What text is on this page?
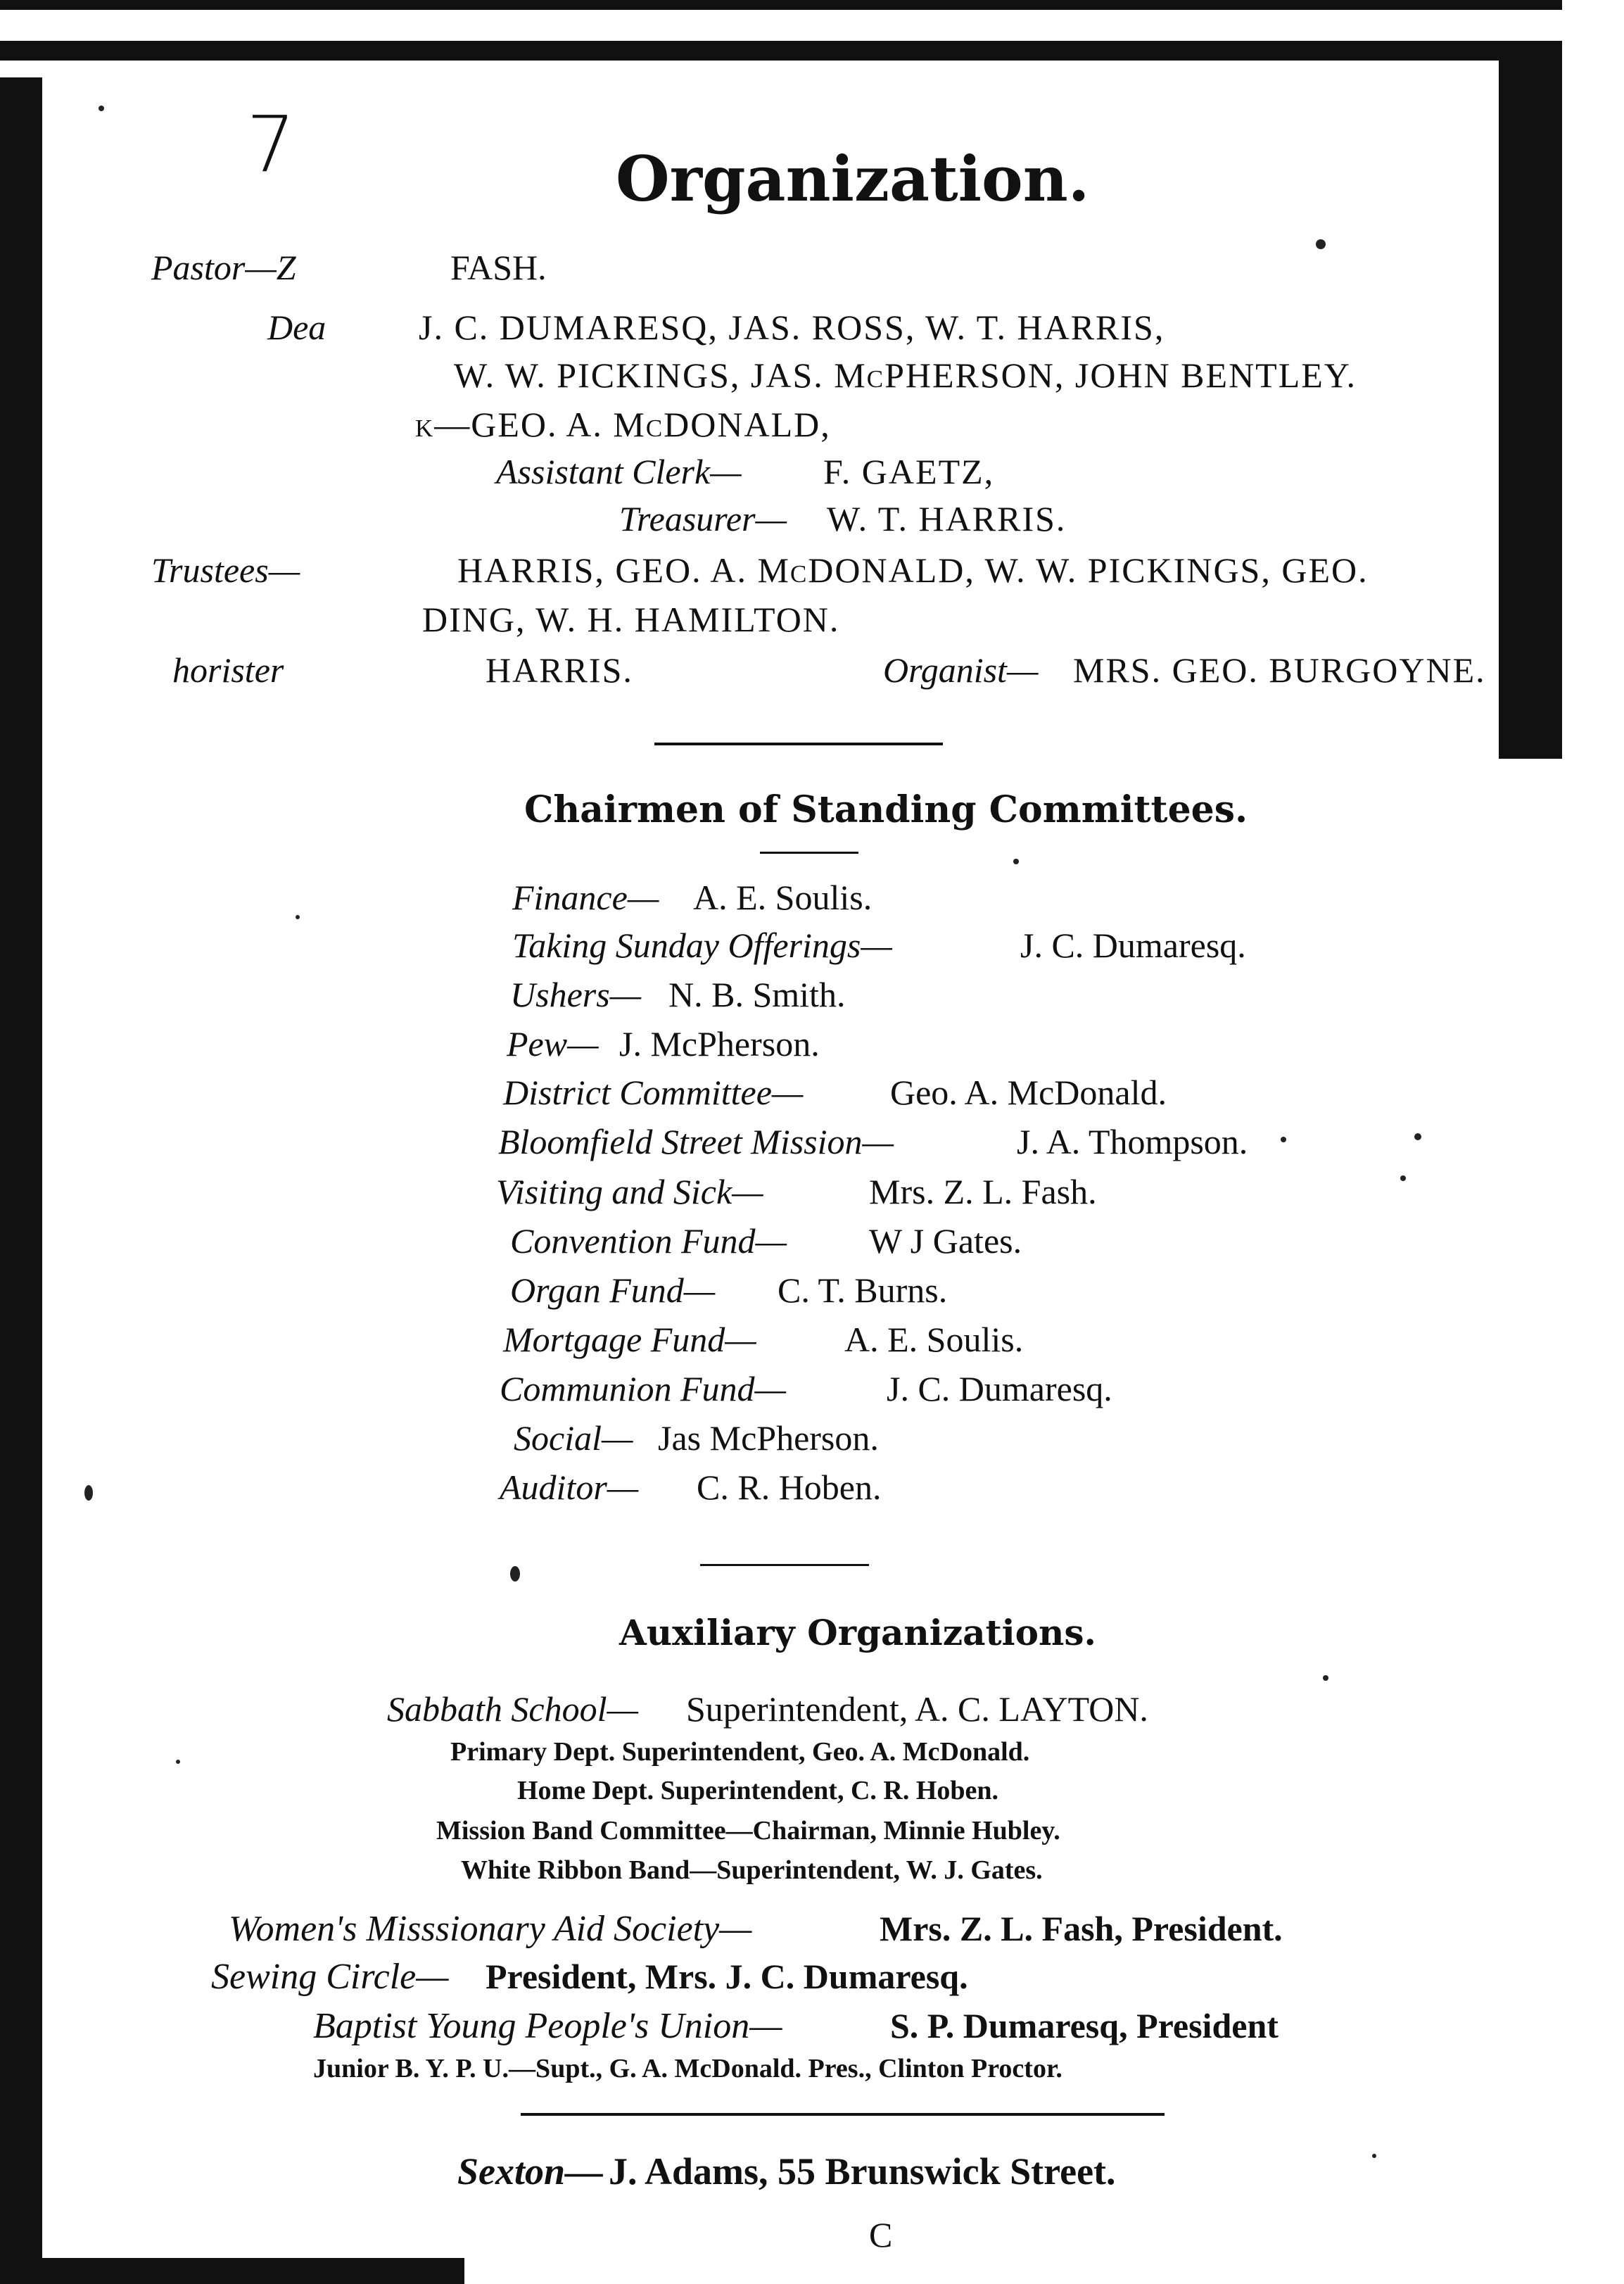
7	Organization.
Pastor—Z	FASH.
Dea	J. C. DUMARESQ, JAS. ROSS, W. T. HARRIS,
W. W. PICKINGS, JAS. McPHERSON, JOHN BENTLEY.
k—GEO. A. McDONALD,
Assistant Clerk— F. GAETZ,
Treasurer— W. T. HARRIS.
Trustees—	HARRIS, GEO. A. McDONALD, W. W. PICKINGS, GEO.
DING, W. H. HAMILTON.
horister	HARRIS.	Organist— MRS. GEO. BURGOYNE.
Chairmen of Standing Committees.
Finance— A. E. Soulis.
Taking Sunday Offerings—	J. C. Dumaresq.
Ushers— N. B. Smith.
Pew— J. McPherson.
District Committee— Geo. A. McDonald.
Bloomfield Street Mission—	J. A. Thompson.
Visiting and Sick—	Mrs. Z. L. Fash.
Convention Fund— W J Gates.
Organ Fund— C. T. Burns.
Mortgage Fund—	A. E. Soulis.
Communion Fund—	J. C. Dumaresq.
Social— Jas McPherson.
Auditor— C. R. Hoben.
Auxiliary Organizations.
Sabbath School— Superintendent, A. C. LAYTON.
Primary Dept. Superintendent, Geo. A. McDonald.
Home Dept. Superintendent, C. R. Hoben.
Mission Band Committee—Chairman, Minnie Hubley.
White Ribbon Band—Superintendent, W. J. Gates.
Women's Misssionary Aid Society—	Mrs. Z. L. Fash, President.
Sewing Circle— President, Mrs. J. C. Dumaresq.
Baptist Young People's Union—	S. P. Dumaresq, President
Junior B. Y. P. U.—Supt., G. A. McDonald. Pres., Clinton Proctor.
Sexton— J. Adams, 55 Brunswick Street.
C
